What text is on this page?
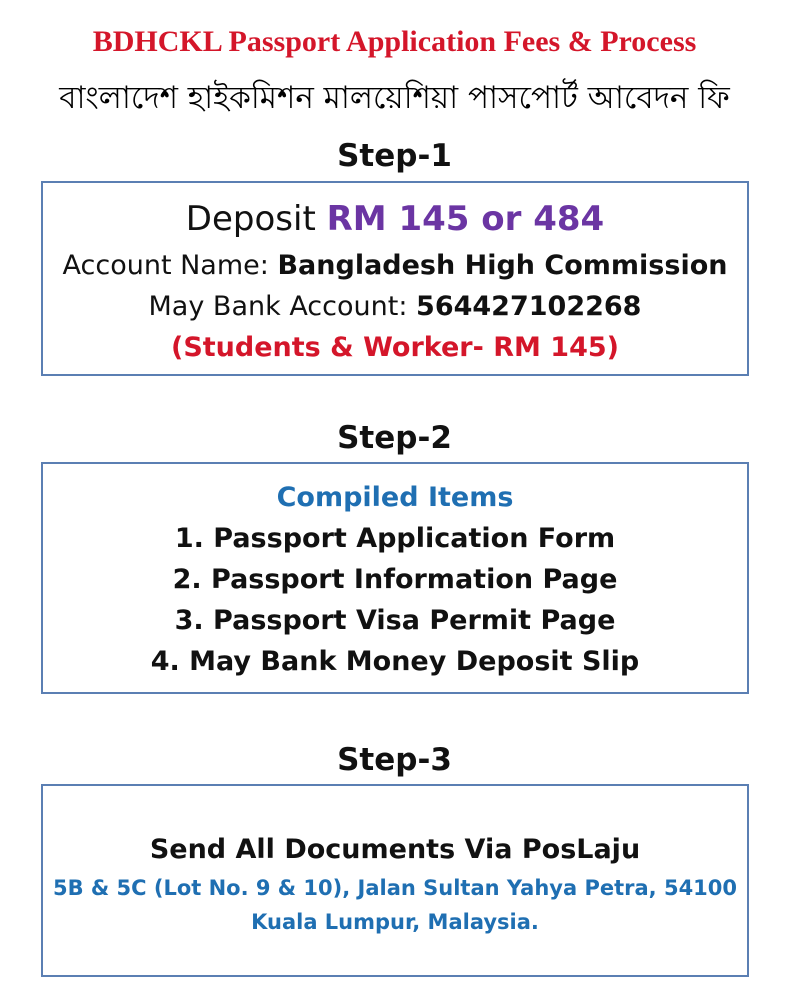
BDHCKL Passport Application Fees & Process
বাংলাদেশ হাইকমিশন মালয়েশিয়া পাসপোর্ট আবেদন ফি
Step-1
Deposit RM 145 or 484
Account Name: Bangladesh High Commission
May Bank Account: 564427102268
(Students & Worker- RM 145)
Step-2
Compiled Items
1. Passport Application Form
2. Passport Information Page
3. Passport Visa Permit Page
4. May Bank Money Deposit Slip
Step-3
Send All Documents Via PosLaju
5B & 5C (Lot No. 9 & 10), Jalan Sultan Yahya Petra, 54100
Kuala Lumpur, Malaysia.
